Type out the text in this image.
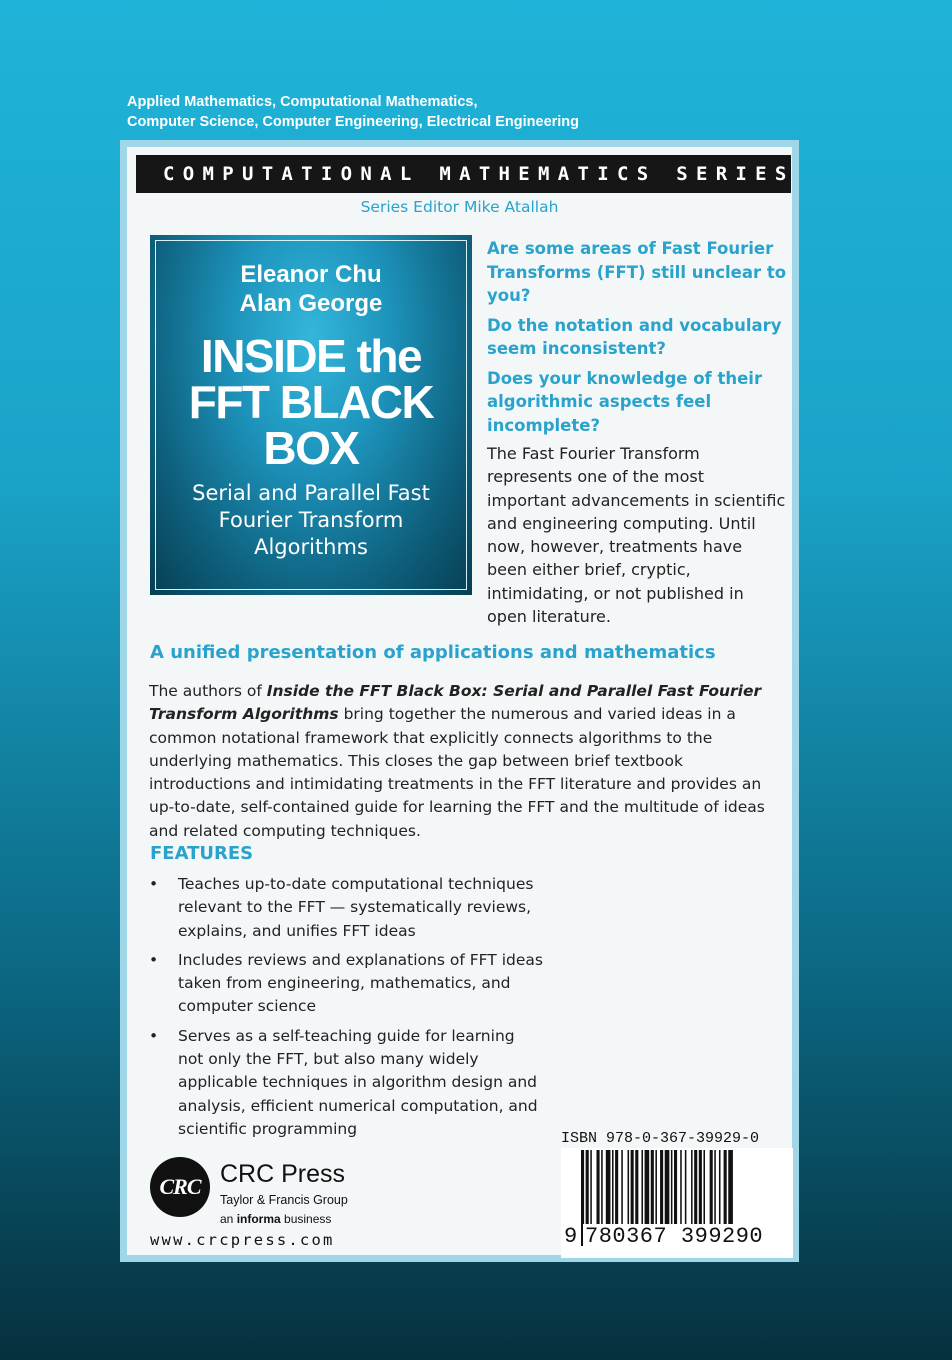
Applied Mathematics, Computational Mathematics,
Computer Science, Computer Engineering, Electrical Engineering
COMPUTATIONAL MATHEMATICS SERIES
Series Editor Mike Atallah
Eleanor Chu
Alan George
INSIDE the
FFT BLACK
BOX
Serial and Parallel Fast
Fourier Transform
Algorithms

Are some areas of Fast Fourier Transforms (FFT) still unclear to you?

Do the notation and vocabulary seem inconsistent?

Does your knowledge of their algorithmic aspects feel incomplete?

The Fast Fourier Transform represents one of the most important advancements in scientific and engineering computing. Until now, however, treatments have been either brief, cryptic, intimidating, or not published in open literature.
A unified presentation of applications and mathematics
The authors of Inside the FFT Black Box: Serial and Parallel Fast Fourier Transform Algorithms bring together the numerous and varied ideas in a common notational framework that explicitly connects algorithms to the underlying mathematics. This closes the gap between brief textbook introductions and intimidating treatments in the FFT literature and provides an up-to-date, self-contained guide for learning the FFT and the multitude of ideas and related computing techniques.
FEATURES
• Teaches up-to-date computational techniques relevant to the FFT — systematically reviews, explains, and unifies FFT ideas
• Includes reviews and explanations of FFT ideas taken from engineering, mathematics, and computer science
• Serves as a self-teaching guide for learning not only the FFT, but also many widely applicable techniques in algorithm design and analysis, efficient numerical computation, and scientific programming
CRC CRC Press
Taylor & Francis Group
an informa business
www.crcpress.com
ISBN 978-0-367-39929-0
9 780367 399290
